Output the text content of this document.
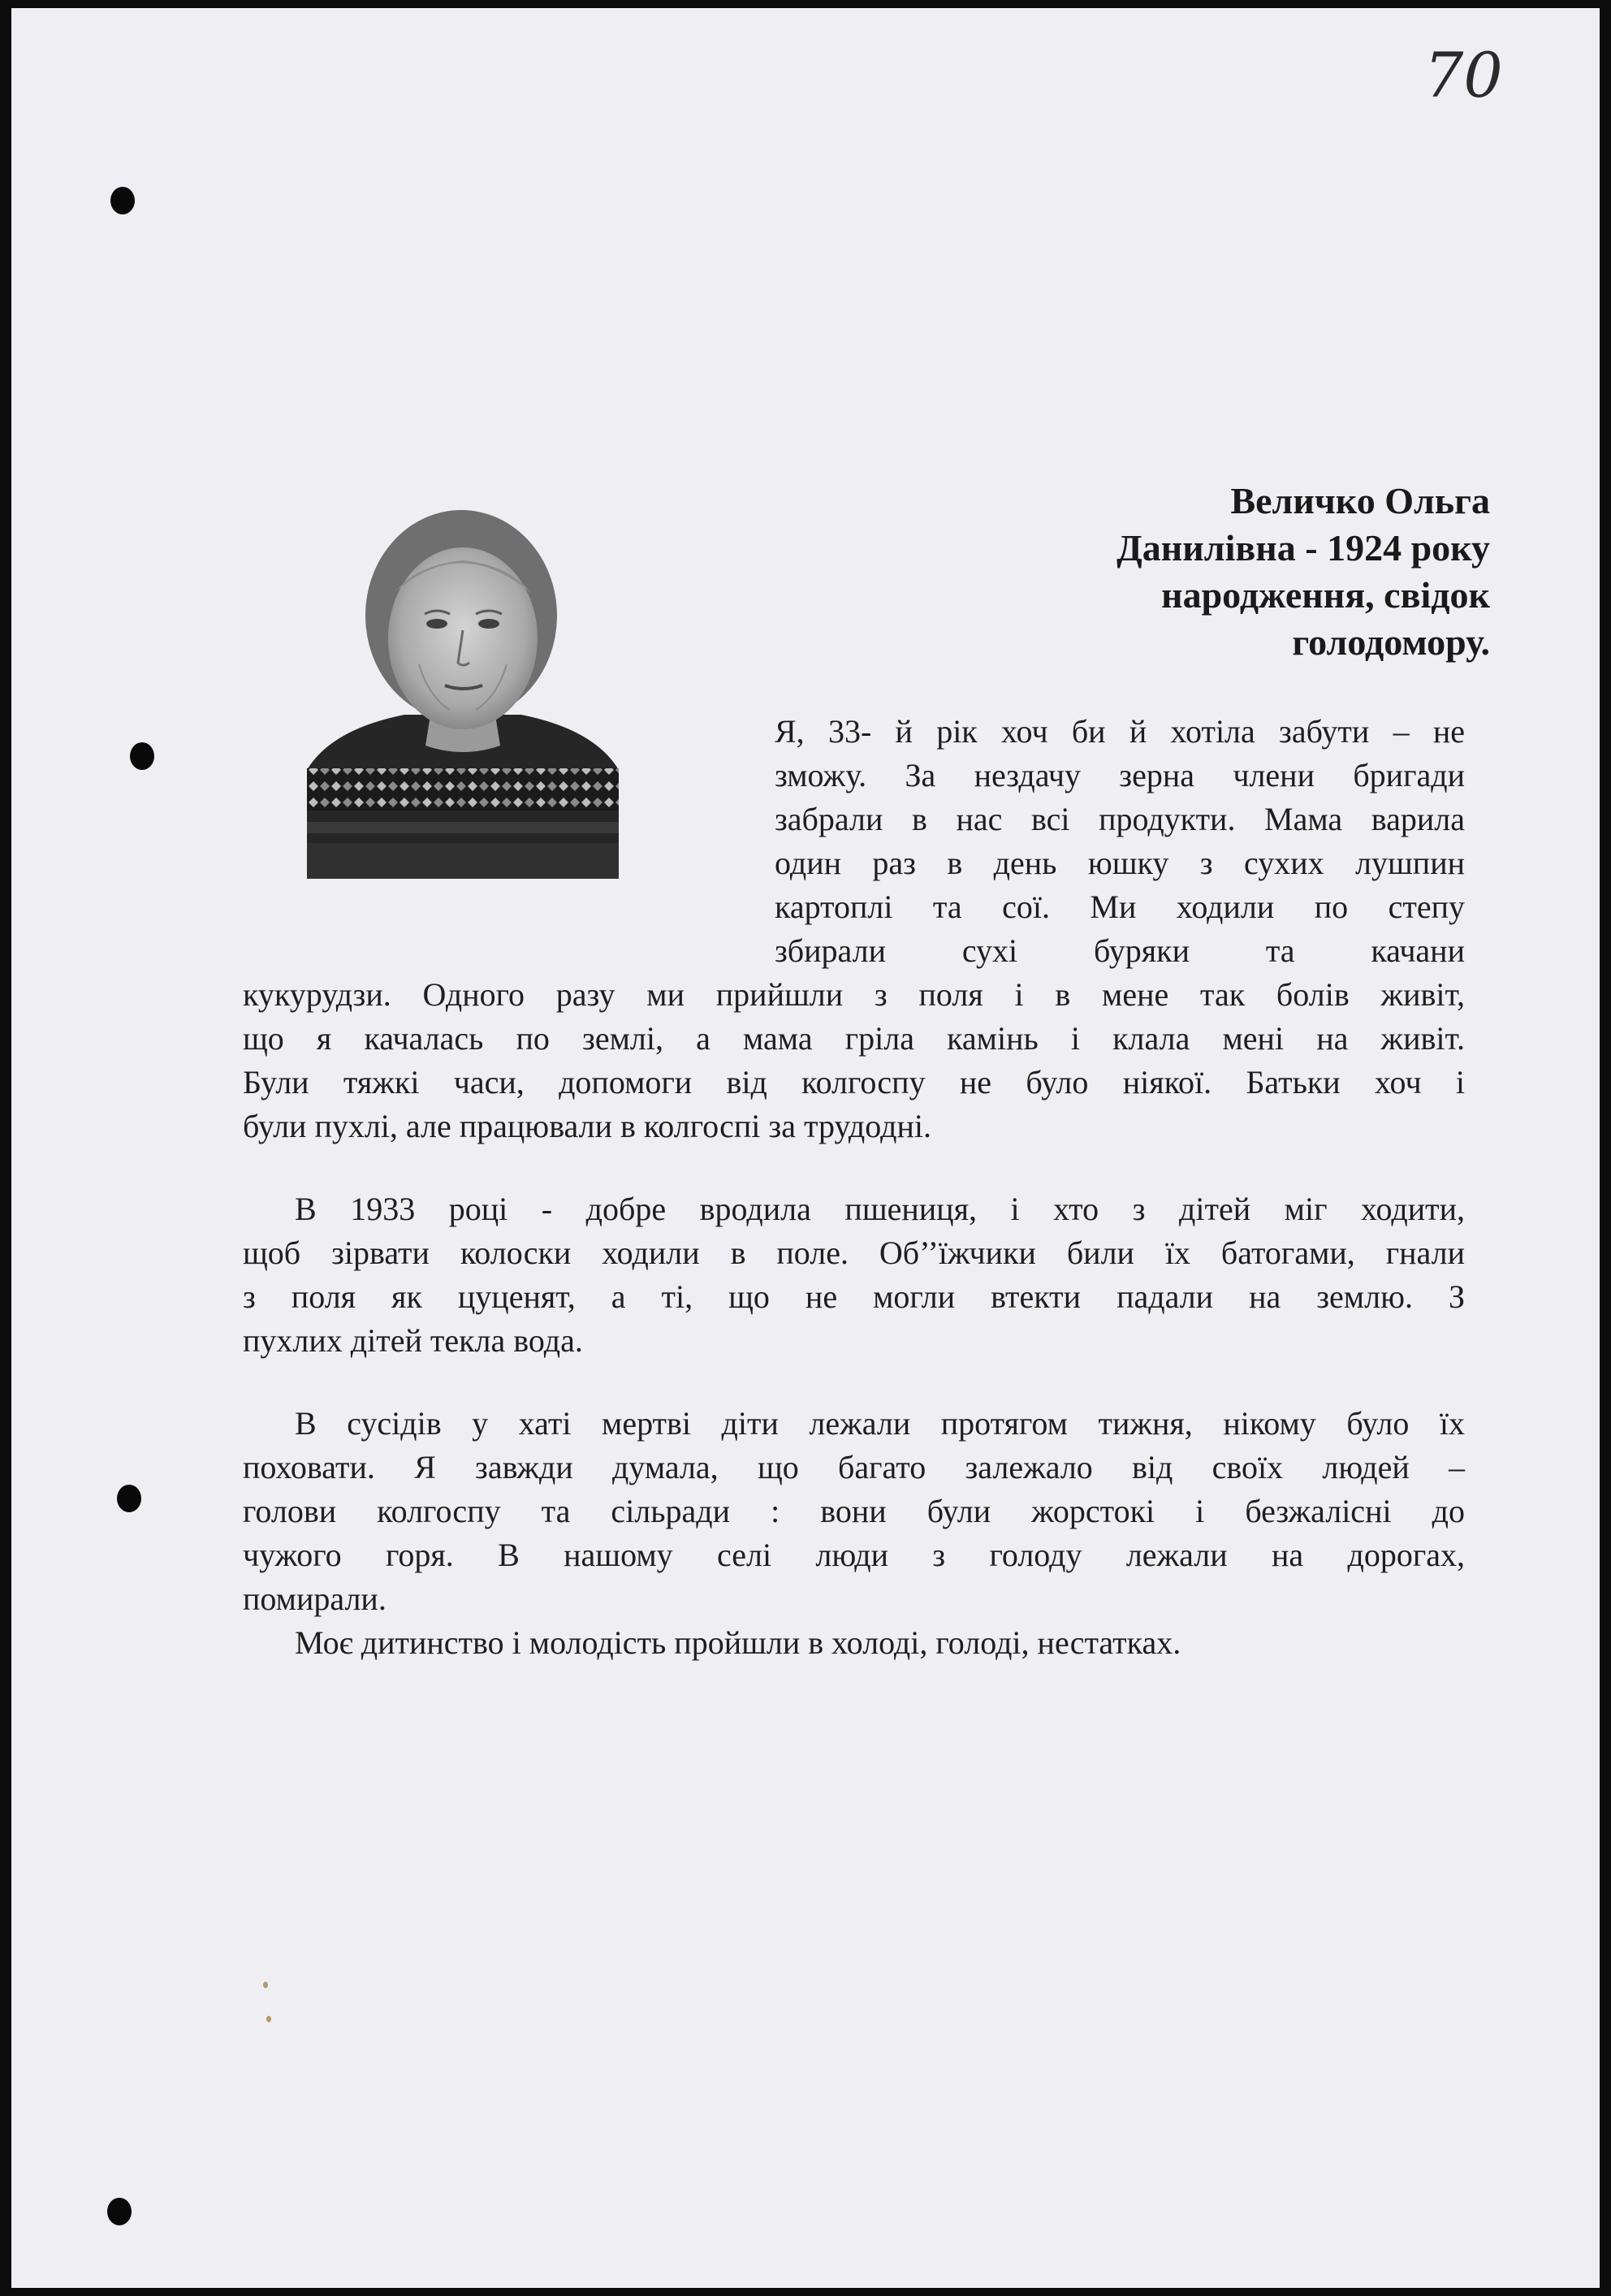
70

Величко Ольга
Данилівна - 1924 року
народження, свідок
голодомору.
Я, 33- й рік хоч би й хотіла забути – не
зможу. За нездачу зерна члени бригади
забрали в нас всі продукти. Мама варила
один раз в день юшку з сухих лушпин
картоплі та сої. Ми ходили по степу
збирали сухі буряки та качани
кукурудзи. Одного разу ми прийшли з поля і в мене так болів живіт,
що я качалась по землі, а мама гріла камінь і клала мені на живіт.
Були тяжкі часи, допомоги від колгоспу не було ніякої. Батьки хоч і
були пухлі, але працювали в колгоспі за трудодні.
В 1933 році - добре вродила пшениця, і хто з дітей міг ходити,
щоб зірвати колоски ходили в поле. Об’’їжчики били їх батогами, гнали
з поля як цуценят, а ті, що не могли втекти падали на землю. З
пухлих дітей текла вода.
В сусідів у хаті мертві діти лежали протягом тижня, нікому було їх
поховати. Я завжди думала, що багато залежало від своїх людей –
голови колгоспу та сільради : вони були жорстокі і безжалісні до
чужого горя. В нашому селі люди з голоду лежали на дорогах,
помирали.
Моє дитинство і молодість пройшли в холоді, голоді, нестатках.
